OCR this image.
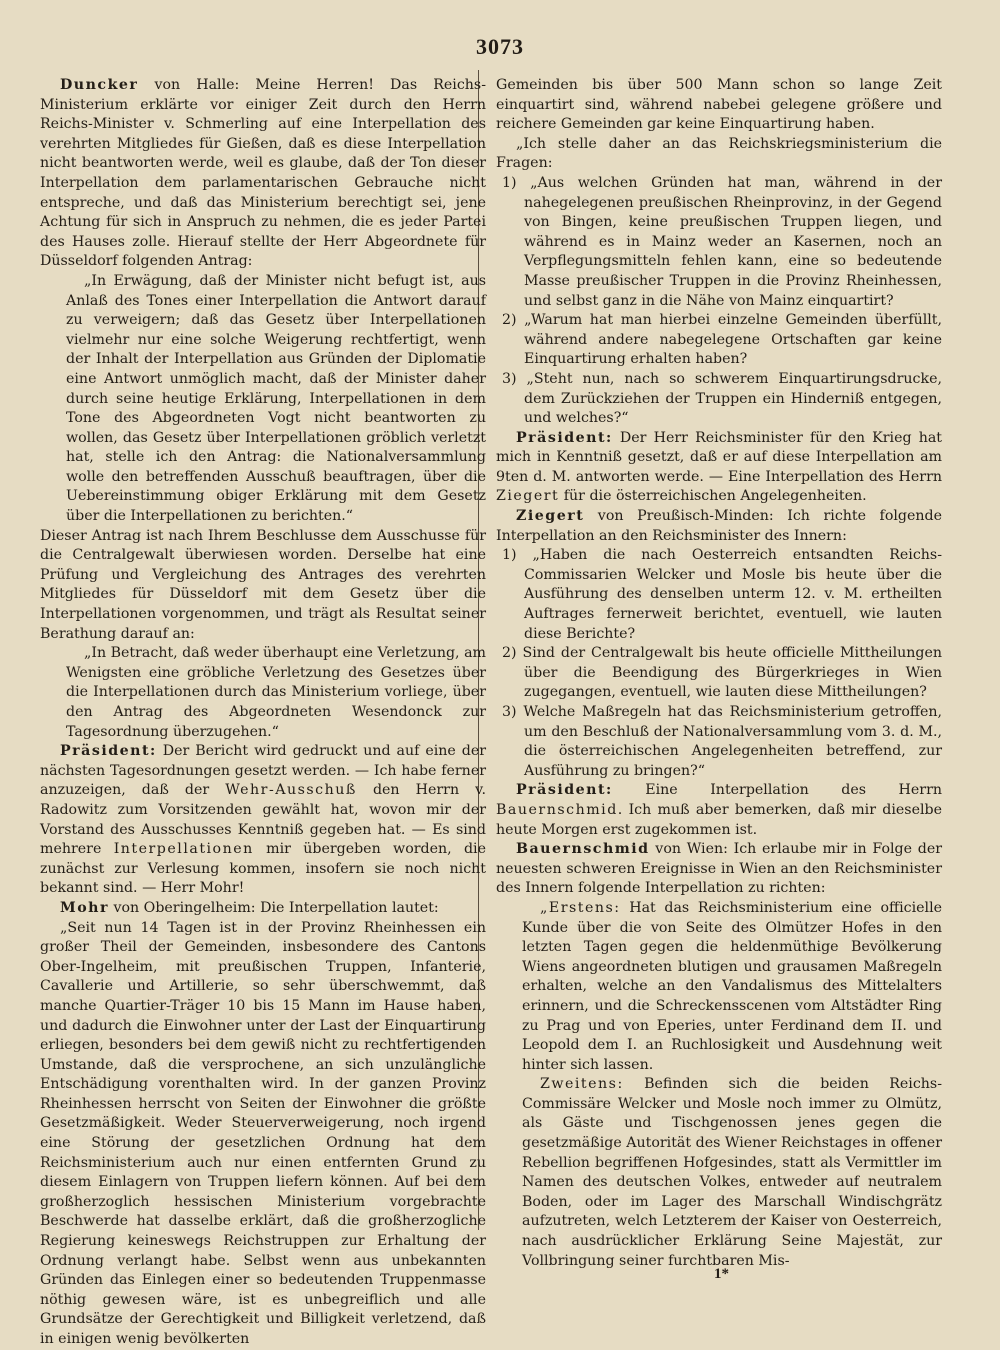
3073

Duncker von Halle: Meine Herren! Das Reichs-Ministerium erklärte vor einiger Zeit durch den Herrn Reichs-Minister v. Schmerling auf eine Interpellation des verehrten Mitgliedes für Gießen, daß es diese Interpellation nicht beantworten werde, weil es glaube, daß der Ton dieser Interpellation dem parlamentarischen Gebrauche nicht entspreche, und daß das Ministerium berechtigt sei, jene Achtung für sich in Anspruch zu nehmen, die es jeder Partei des Hauses zolle. Hierauf stellte der Herr Abgeordnete für Düsseldorf folgenden Antrag:

„In Erwägung, daß der Minister nicht befugt ist, aus Anlaß des Tones einer Interpellation die Antwort darauf zu verweigern; daß das Gesetz über Interpellationen vielmehr nur eine solche Weigerung rechtfertigt, wenn der Inhalt der Interpellation aus Gründen der Diplomatie eine Antwort unmöglich macht, daß der Minister daher durch seine heutige Erklärung, Interpellationen in dem Tone des Abgeordneten Vogt nicht beantworten zu wollen, das Gesetz über Interpellationen gröblich verletzt hat, stelle ich den Antrag: die Nationalversammlung wolle den betreffenden Ausschuß beauftragen, über die Uebereinstimmung obiger Erklärung mit dem Gesetz über die Interpellationen zu berichten.“

Dieser Antrag ist nach Ihrem Beschlusse dem Ausschusse für die Centralgewalt überwiesen worden. Derselbe hat eine Prüfung und Vergleichung des Antrages des verehrten Mitgliedes für Düsseldorf mit dem Gesetz über die Interpellationen vorgenommen, und trägt als Resultat seiner Berathung darauf an:

„In Betracht, daß weder überhaupt eine Verletzung, am Wenigsten eine gröbliche Verletzung des Gesetzes über die Interpellationen durch das Ministerium vorliege, über den Antrag des Abgeordneten Wesendonck zur Tagesordnung überzugehen.“

Präsident: Der Bericht wird gedruckt und auf eine der nächsten Tagesordnungen gesetzt werden. — Ich habe ferner anzuzeigen, daß der Wehr-Ausschuß den Herrn v. Radowitz zum Vorsitzenden gewählt hat, wovon mir der Vorstand des Ausschusses Kenntniß gegeben hat. — Es sind mehrere Interpellationen mir übergeben worden, die zunächst zur Verlesung kommen, insofern sie noch nicht bekannt sind. — Herr Mohr!

Mohr von Oberingelheim: Die Interpellation lautet:

„Seit nun 14 Tagen ist in der Provinz Rheinhessen ein großer Theil der Gemeinden, insbesondere des Cantons Ober-Ingelheim, mit preußischen Truppen, Infanterie, Cavallerie und Artillerie, so sehr überschwemmt, daß manche Quartier-Träger 10 bis 15 Mann im Hause haben, und dadurch die Einwohner unter der Last der Einquartirung erliegen, besonders bei dem gewiß nicht zu rechtfertigenden Umstande, daß die versprochene, an sich unzulängliche Entschädigung vorenthalten wird. In der ganzen Provinz Rheinhessen herrscht von Seiten der Einwohner die größte Gesetzmäßigkeit. Weder Steuerverweigerung, noch irgend eine Störung der gesetzlichen Ordnung hat dem Reichsministerium auch nur einen entfernten Grund zu diesem Einlagern von Truppen liefern können. Auf bei dem großherzoglich hessischen Ministerium vorgebrachte Beschwerde hat dasselbe erklärt, daß die großherzogliche Regierung keineswegs Reichstruppen zur Erhaltung der Ordnung verlangt habe. Selbst wenn aus unbekannten Gründen das Einlegen einer so bedeutenden Truppenmasse nöthig gewesen wäre, ist es unbegreiflich und alle Grundsätze der Gerechtigkeit und Billigkeit verletzend, daß in einigen wenig bevölkerten

Gemeinden bis über 500 Mann schon so lange Zeit einquartirt sind, während nabebei gelegene größere und reichere Gemeinden gar keine Einquartirung haben.

„Ich stelle daher an das Reichskriegsministerium die Fragen:

1) „Aus welchen Gründen hat man, während in der nahegelegenen preußischen Rheinprovinz, in der Gegend von Bingen, keine preußischen Truppen liegen, und während es in Mainz weder an Kasernen, noch an Verpflegungsmitteln fehlen kann, eine so bedeutende Masse preußischer Truppen in die Provinz Rheinhessen, und selbst ganz in die Nähe von Mainz einquartirt?

2) „Warum hat man hierbei einzelne Gemeinden überfüllt, während andere nabegelegene Ortschaften gar keine Einquartirung erhalten haben?

3) „Steht nun, nach so schwerem Einquartirungsdrucke, dem Zurückziehen der Truppen ein Hinderniß entgegen, und welches?“

Präsident: Der Herr Reichsminister für den Krieg hat mich in Kenntniß gesetzt, daß er auf diese Interpellation am 9ten d. M. antworten werde. — Eine Interpellation des Herrn Ziegert für die österreichischen Angelegenheiten.

Ziegert von Preußisch-Minden: Ich richte folgende Interpellation an den Reichsminister des Innern:

1) „Haben die nach Oesterreich entsandten Reichs-Commissarien Welcker und Mosle bis heute über die Ausführung des denselben unterm 12. v. M. ertheilten Auftrages fernerweit berichtet, eventuell, wie lauten diese Berichte?

2) Sind der Centralgewalt bis heute officielle Mittheilungen über die Beendigung des Bürgerkrieges in Wien zugegangen, eventuell, wie lauten diese Mittheilungen?

3) Welche Maßregeln hat das Reichsministerium getroffen, um den Beschluß der Nationalversammlung vom 3. d. M., die österreichischen Angelegenheiten betreffend, zur Ausführung zu bringen?“

Präsident: Eine Interpellation des Herrn Bauernschmid. Ich muß aber bemerken, daß mir dieselbe heute Morgen erst zugekommen ist.

Bauernschmid von Wien: Ich erlaube mir in Folge der neuesten schweren Ereignisse in Wien an den Reichsminister des Innern folgende Interpellation zu richten:

„Erstens: Hat das Reichsministerium eine officielle Kunde über die von Seite des Olmützer Hofes in den letzten Tagen gegen die heldenmüthige Bevölkerung Wiens angeordneten blutigen und grausamen Maßregeln erhalten, welche an den Vandalismus des Mittelalters erinnern, und die Schreckensscenen vom Altstädter Ring zu Prag und von Eperies, unter Ferdinand dem II. und Leopold dem I. an Ruchlosigkeit und Ausdehnung weit hinter sich lassen.

Zweitens: Befinden sich die beiden Reichs-Commissäre Welcker und Mosle noch immer zu Olmütz, als Gäste und Tischgenossen jenes gegen die gesetzmäßige Autorität des Wiener Reichstages in offener Rebellion begriffenen Hofgesindes, statt als Vermittler im Namen des deutschen Volkes, entweder auf neutralem Boden, oder im Lager des Marschall Windischgrätz aufzutreten, welch Letzterem der Kaiser von Oesterreich, nach ausdrücklicher Erklärung Seine Majestät, zur Vollbringung seiner furchtbaren Mis-

1*
